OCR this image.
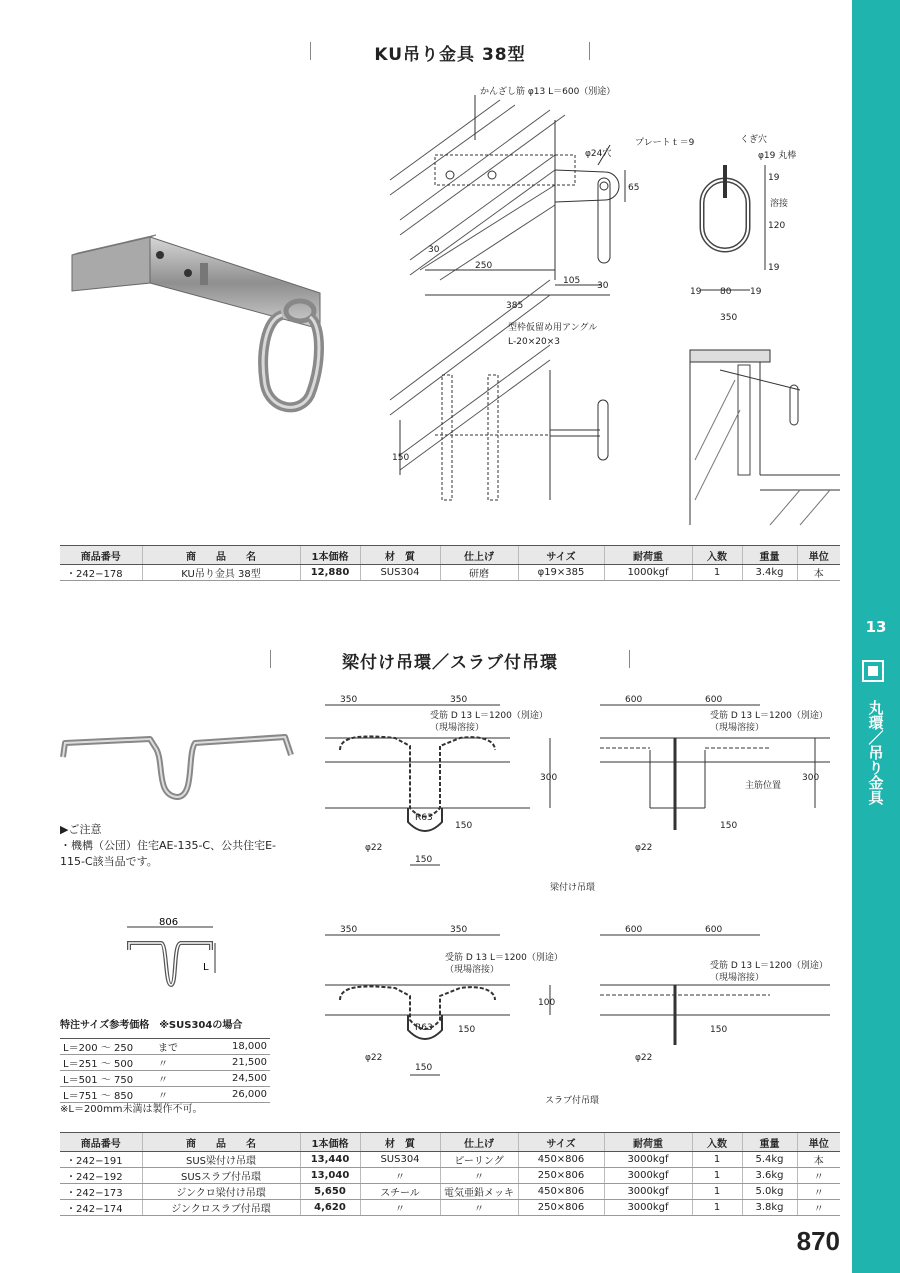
13
丸環／吊り金具
KU吊り金具 38型
かんざし筋 φ13 L＝600（別途）
プレートｔ＝9
φ24穴
65
30
250
105 30
385
型枠仮留め用アングル
L‐20×20×3
150
くぎ穴
φ19 丸棒
溶接
19
120
19
19 80 19
350
商品番号	商　　品　　名	1本価格	材　質	仕上げ	サイズ	耐荷重	入数	重量	単位
・242−178	KU吊り金具 38型	12,880	SUS304	研磨	φ19×385	1000kgf	1	3.4kg	本
梁付け吊環／スラブ付吊環
▶ご注意
・機構（公団）住宅AE-135-C、公共住宅E-115-C該当品です。
806
L
特注サイズ参考価格　※SUS304の場合
L＝200 〜 250	まで	18,000
L＝251 〜 500	〃	21,500
L＝501 〜 750	〃	24,500
L＝751 〜 850	〃	26,000
※L＝200mm未満は製作不可。
350	350	600	600
受筋 D 13 L＝1200（別途）
（現場溶接）
受筋 D 13 L＝1200（別途）
（現場溶接）
300	300
150	150
150
φ22	φ22
主筋位置
R63
梁付け吊環
350	350	600	600
受筋 D 13 L＝1200（別途）
（現場溶接）	受筋 D 13 L＝1200（別途）
（現場溶接）
100
150	150
150
φ22	φ22
R63
スラブ付吊環
商品番号	商　　品　　名	1本価格	材　質	仕上げ	サイズ	耐荷重	入数	重量	単位
・242−191	SUS梁付け吊環	13,440	SUS304	ピーリング	450×806	3000kgf	1	5.4kg	本
・242−192	SUSスラブ付吊環	13,040	〃	〃	250×806	3000kgf	1	3.6kg	〃
・242−173	ジンクロ梁付け吊環	5,650	スチール	電気亜鉛メッキ	450×806	3000kgf	1	5.0kg	〃
・242−174	ジンクロスラブ付吊環	4,620	〃	〃	250×806	3000kgf	1	3.8kg	〃
870
